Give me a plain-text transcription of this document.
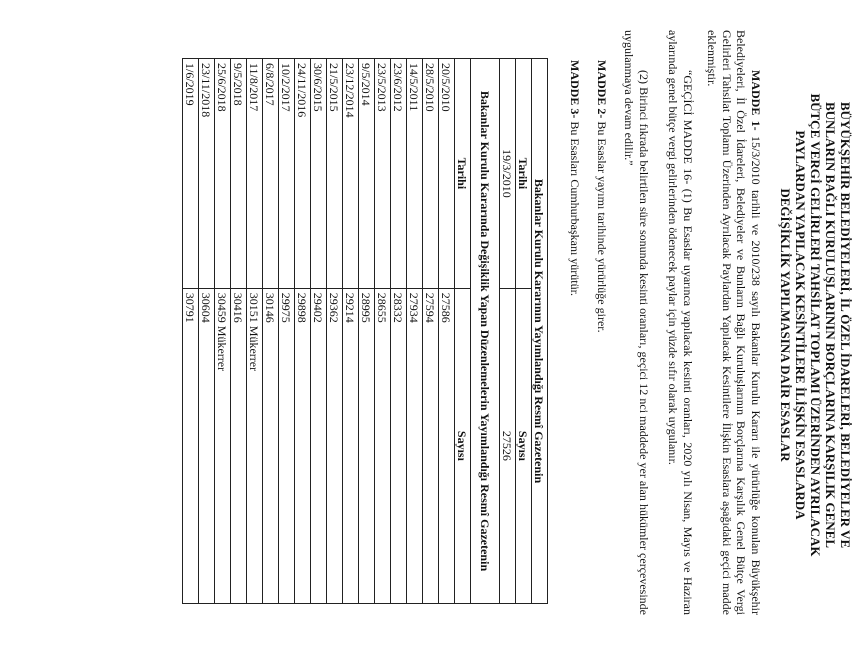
BÜYÜKŞEHİR BELEDİYELERİ, İL ÖZEL İDARELERİ, BELEDİYELER VE
BUNLARIN BAĞLI KURULUŞLARININ BORÇLARINA KARŞILIK GENEL
BÜTÇE VERGİ GELİRLERİ TAHSİLAT TOPLAMI ÜZERİNDEN AYRILACAK
PAYLARDAN YAPILACAK KESİNTİLERE İLİŞKİN ESASLARDA
DEĞİŞİKLİK YAPILMASINA DAİR ESASLAR

MADDE 1- 15/3/2010 tarihli ve 2010/238 sayılı Bakanlar Kurulu Kararı ile yürürlüğe konulan Büyükşehir Belediyeleri, İl Özel İdareleri, Belediyeler ve Bunların Bağlı Kuruluşlarının Borçlarına Karşılık Genel Bütçe Vergi Gelirleri Tahsilat Toplamı Üzerinden Ayrılacak Paylardan Yapılacak Kesintilere İlişkin Esaslara aşağıdaki geçici madde eklenmiştir.

“GEÇİCİ MADDE 16- (1) Bu Esaslar uyarınca yapılacak kesinti oranları, 2020 yılı Nisan, Mayıs ve Haziran aylarında genel bütçe vergi gelirlerinden ödenecek paylar için yüzde sıfır olarak uygulanır.

(2) Birinci fıkrada belirtilen süre sonunda kesinti oranları, geçici 12 nci maddede yer alan hükümler çerçevesinde uygulanmaya devam edilir.”

MADDE 2- Bu Esaslar yayımı tarihinde yürürlüğe girer.

MADDE 3- Bu Esasları Cumhurbaşkanı yürütür.

Bakanlar Kurulu Kararının Yayımlandığı Resmî Gazetenin	
Tarihi	Sayısı
19/3/2010	27526
Bakanlar Kurulu Kararında Değişiklik Yapan Düzenlemelerin Yayımlandığı Resmî Gazetenin	
Tarihi	Sayısı
20/5/2010	27586
28/5/2010	27594
14/5/2011	27934
23/6/2012	28332
23/5/2013	28655
9/5/2014	28995
23/12/2014	29214
21/5/2015	29362
30/6/2015	29402
24/11/2016	29898
10/2/2017	29975
6/8/2017	30146
11/8/2017	30151 Mükerrer
9/5/2018	30416
25/6/2018	30459 Mükerrer
23/11/2018	30604
1/6/2019	30791
